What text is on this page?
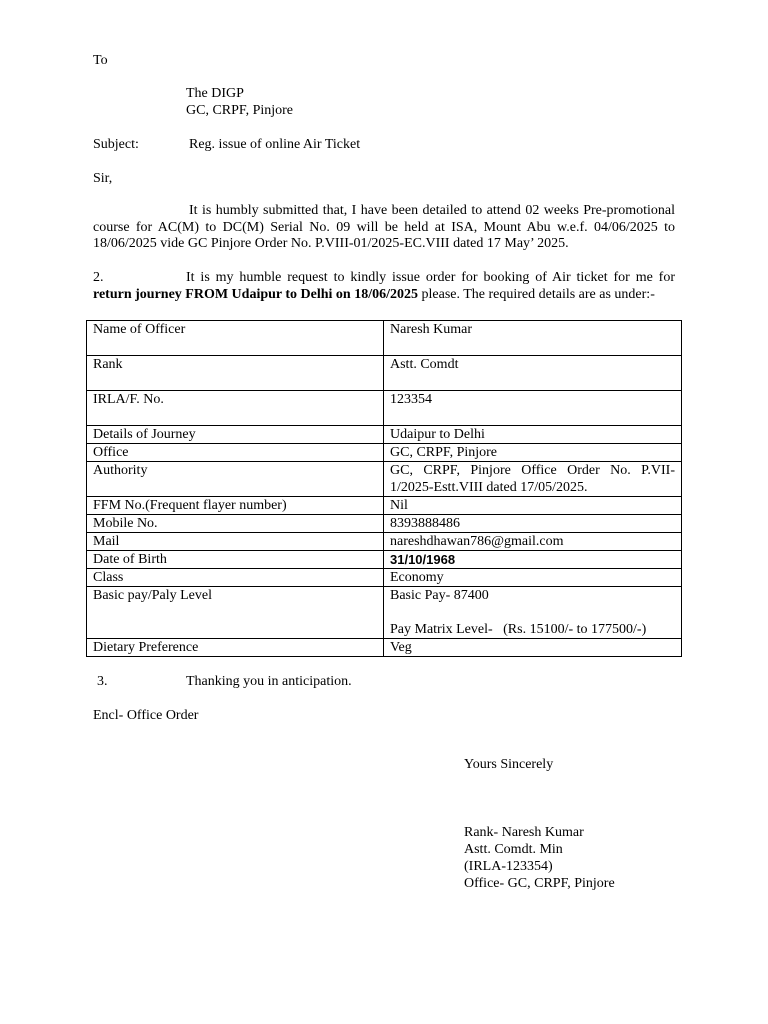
To
The DIGP
GC, CRPF, Pinjore
Subject:	Reg. issue of online Air Ticket
Sir,

It is humbly submitted that, I have been detailed to attend 02 weeks Pre-promotional course for AC(M) to DC(M) Serial No. 09 will be held at ISA, Mount Abu w.e.f. 04/06/2025 to 18/06/2025 vide GC Pinjore Order No. P.VIII-01/2025-EC.VIII dated 17 May’ 2025.

2.	It is my humble request to kindly issue order for booking of Air ticket for me for return journey FROM Udaipur to Delhi on 18/06/2025 please. The required details are as under:-

Name of Officer	Naresh Kumar
Rank	Astt. Comdt
IRLA/F. No.	123354
Details of Journey	Udaipur to Delhi
Office	GC, CRPF, Pinjore
Authority	GC, CRPF, Pinjore Office Order No. P.VII-1/2025-Estt.VIII dated 17/05/2025.
FFM No.(Frequent flayer number)	Nil
Mobile No.	8393888486
Mail	nareshdhawan786@gmail.com
Date of Birth	31/10/1968
Class	Economy
Basic pay/Paly Level	Basic Pay- 87400
Pay Matrix Level-   (Rs. 15100/- to 177500/-)

Dietary Preference	Veg
3.	Thanking you in anticipation.
Encl- Office Order
Yours Sincerely
Rank- Naresh Kumar
Astt. Comdt. Min
(IRLA-123354)
Office- GC, CRPF, Pinjore
